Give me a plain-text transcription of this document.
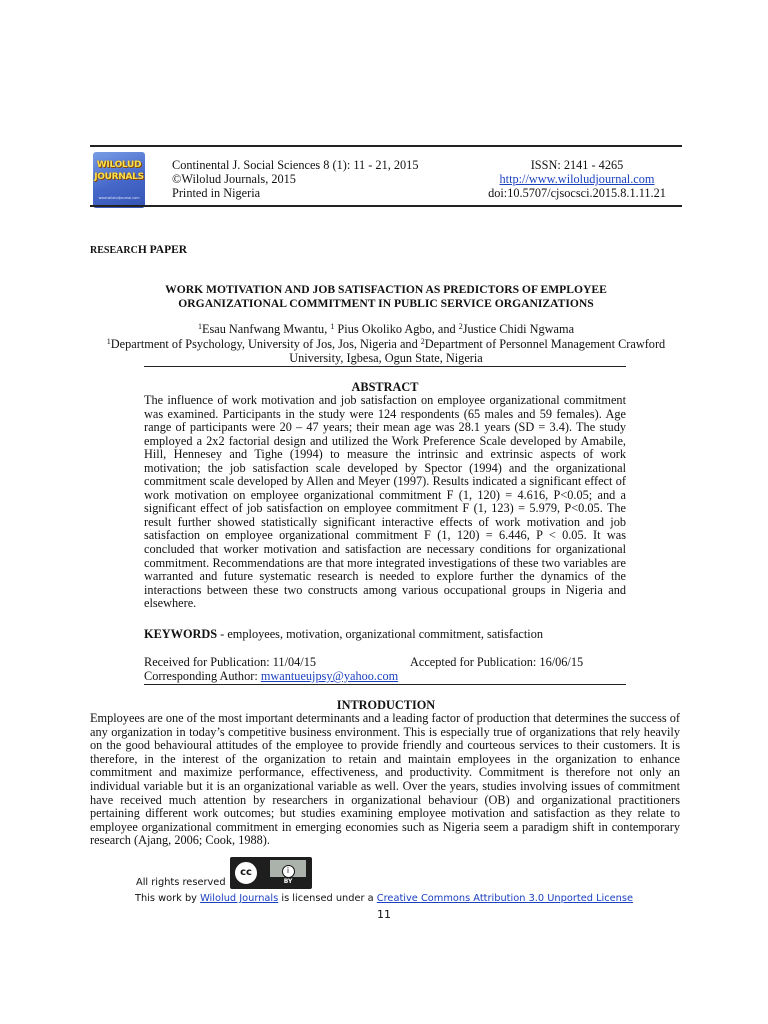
WILOLUD
JOURNALS
www.wiloludjournal.com
Continental J. Social Sciences 8 (1): 11 - 21, 2015
©Wilolud Journals, 2015
Printed in Nigeria
ISSN: 2141 - 4265
http://www.wiloludjournal.com
doi:10.5707/cjsocsci.2015.8.1.11.21
RESEARCH PAPER
WORK MOTIVATION AND JOB SATISFACTION AS PREDICTORS OF EMPLOYEE
ORGANIZATIONAL COMMITMENT IN PUBLIC SERVICE ORGANIZATIONS
$^1$Esau Nanfwang Mwantu, $^1$ Pius Okoliko Agbo, and $^2$Justice Chidi Ngwama
$^1$Department of Psychology, University of Jos, Jos, Nigeria and $^2$Department of Personnel Management Crawford
University, Igbesa, Ogun State, Nigeria
ABSTRACT

The influence of work motivation and job satisfaction on employee organizational commitment was examined. Participants in the study were 124 respondents (65 males and 59 females). Age range of participants were 20 – 47 years; their mean age was 28.1 years (SD = 3.4). The study employed a 2x2 factorial design and utilized the Work Preference Scale developed by Amabile, Hill, Hennesey and Tighe (1994) to measure the intrinsic and extrinsic aspects of work motivation; the job satisfaction scale developed by Spector (1994) and the organizational commitment scale developed by Allen and Meyer (1997). Results indicated a significant effect of work motivation on employee organizational commitment F (1, 120) = 4.616, P<0.05; and a significant effect of job satisfaction on employee commitment F (1, 123) = 5.979, P<0.05. The result further showed statistically significant interactive effects of work motivation and job satisfaction on employee organizational commitment F (1, 120) = 6.446, P < 0.05. It was concluded that worker motivation and satisfaction are necessary conditions for organizational commitment. Recommendations are that more integrated investigations of these two variables are warranted and future systematic research is needed to explore further the dynamics of the interactions between these two constructs among various occupational groups in Nigeria and elsewhere.

KEYWORDS - employees, motivation, organizational commitment, satisfaction
Received for Publication: 11/04/15	Accepted for Publication: 16/06/15
Corresponding Author: mwantueujpsy@yahoo.com
INTRODUCTION

Employees are one of the most important determinants and a leading factor of production that determines the success of any organization in today’s competitive business environment. This is especially true of organizations that rely heavily on the good behavioural attitudes of the employee to provide friendly and courteous services to their customers. It is therefore, in the interest of the organization to retain and maintain employees in the organization to enhance commitment and maximize performance, effectiveness, and productivity. Commitment is therefore not only an individual variable but it is an organizational variable as well. Over the years, studies involving issues of commitment have received much attention by researchers in organizational behaviour (OB) and organizational practitioners pertaining different work outcomes; but studies examining employee motivation and satisfaction as they relate to employee organizational commitment in emerging economies such as Nigeria seem a paradigm shift in contemporary research (Ajang, 2006; Cook, 1988).

All rights reserved
cc	i
BY
This work by Wilolud Journals is licensed under a Creative Commons Attribution 3.0 Unported License
11
